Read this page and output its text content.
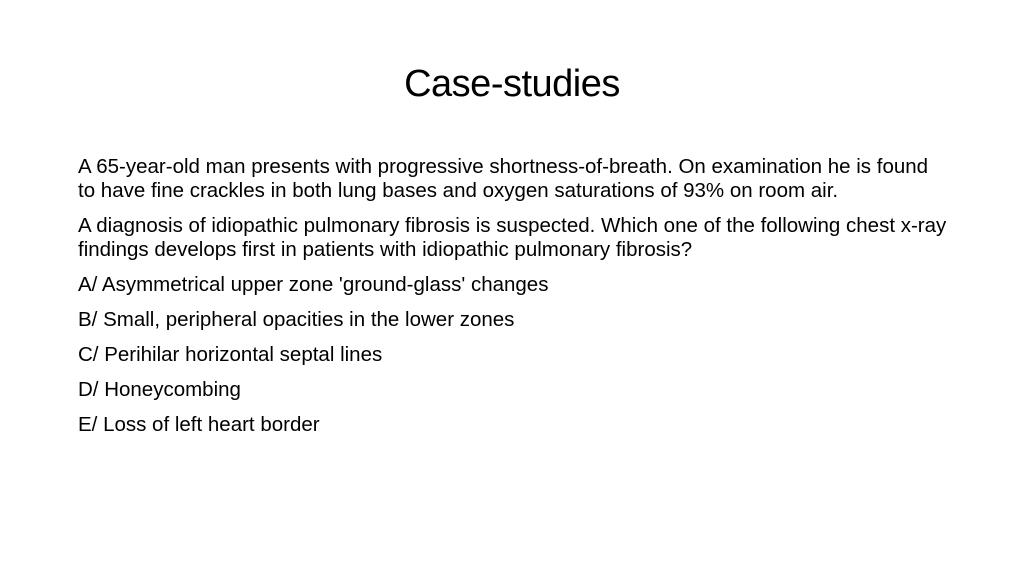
Case-studies

A 65-year-old man presents with progressive shortness-of-breath. On examination he is found to have fine crackles in both lung bases and oxygen saturations of 93% on room air.

A diagnosis of idiopathic pulmonary fibrosis is suspected. Which one of the following chest x-ray findings develops first in patients with idiopathic pulmonary fibrosis?

A/ Asymmetrical upper zone 'ground-glass' changes
B/ Small, peripheral opacities in the lower zones
C/ Perihilar horizontal septal lines
D/ Honeycombing
E/ Loss of left heart border
